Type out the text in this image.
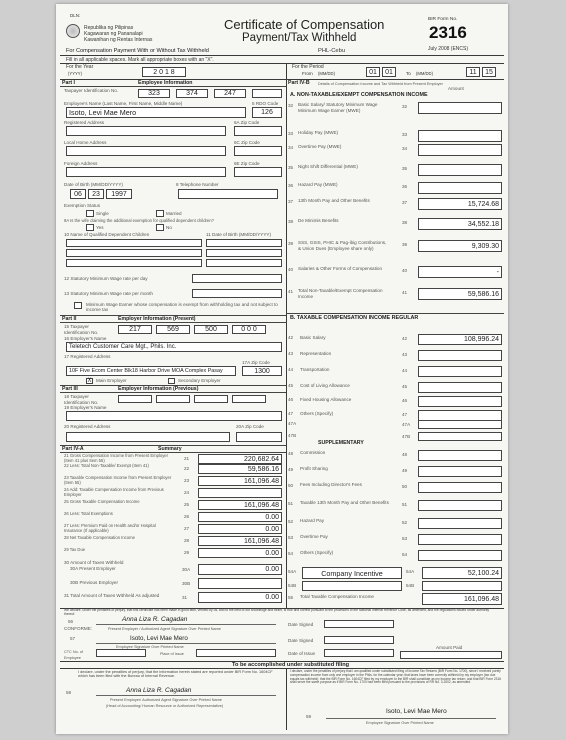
DLN:
Republika ng Pilipinas
Kagawaran ng Pananalapi
Kawanihan ng Rentas Internas
Certificate of Compensation
Payment/Tax Withheld
BIR Form No.
2316
July 2008 (ENCS)
For Compensation Payment With or Without Tax Withheld	PHL-Cebu
Fill in all applicable spaces. Mark all appropriate boxes with an "X".
For the Year
(YYYY)	2 0 1 8
For the Period
From (MM/DD)	01	01	To (MM/DD)	11	15
Part I	Employee Information
Taxpayer Identification No.	323	374	247
Employee's Name (Last Name, First Name, Middle Name)	5 RDO Code
Isoto, Levi Mae Mero	126
Registered Address	6A Zip Code
Local Home Address	6C Zip Code
Foreign Address	6E Zip Code
Date of Birth (MM/DD/YYYY)	8 Telephone Number
06	23	1997
Exemption Status
Single	Married
9A Is the wife claiming the additional exemption for qualified dependent children?
Yes	No
10 Name of Qualified Dependent Children	11 Date of Birth (MM/DD/YYYY)
12 Statutory Minimum Wage rate per day
13 Statutory Minimum Wage rate per month
Minimum Wage Earner whose compensation is exempt from withholding tax and not subject to income tax
Part II	Employer Information (Present)
15 Taxpayer Identification No.	217	569	500	0 0 0
16 Employer's Name
Teletech Customer Care Mgt., Phils. Inc.
17 Registered Address
17A Zip Code
10F Five Ecom Center Blk18 Harbor Drive MOA Complex Pasay	1300
X Main Employer	Secondary Employer
Part III	Employer Information (Previous)
18 Taxpayer Identification No.
19 Employer's Name
20 Registered Address	20A Zip Code
Part IV-A	Summary
21 Gross Compensation Income from Present Employer (Item 41 plus Item 55)	21	220,682.64
22 Less: Total Non-Taxable/ Exempt (Item 41)
22	59,586.16
23 Taxable Compensation Income from Present Employer (Item 55)	23	161,096.48
24 Add: Taxable Compensation Income from Previous Employer	24
25 Gross Taxable Compensation Income
25	161,096.48
26 Less: Total Exemptions
26	0.00
27 Less: Premium Paid on Health and/or Hospital Insurance (If applicable)	27	0.00
28 Net Taxable Compensation Income
28	161,096.48
29 Tax Due
29	0.00
30 Amount of Taxes Withheld
30A Present Employer	30A	0.00
30B Previous Employer	30B
31 Total Amount of Taxes Withheld As adjusted	31	0.00
Part IV-B Details of Compensation Income and Tax Withheld from Present Employer
Amount
A. NON-TAXABLE/EXEMPT COMPENSATION INCOME
32 Basic Salary/ Statutory Minimum Wage Minimum Wage Earner (MWE)
32
33 Holiday Pay (MWE)	33
34 Overtime Pay (MWE)	34
35 Night Shift Differential (MWE)	35
36 Hazard Pay (MWE)	36
37 13th Month Pay and Other Benefits	37	15,724.68
38 De Minimis Benefits	38	34,552.18
39 SSS, GSIS, PHIC & Pag-ibig Contributions, & Union Dues (Employee share only)
39	9,309.30
40 Salaries & Other Forms of Compensation	40	-
41 Total Non-Taxable/Exempt Compensation Income
41	59,586.16
B. TAXABLE COMPENSATION INCOME REGULAR
42 Basic Salary	42	108,996.24
43 Representation	43
44 Transportation	44
45 Cost of Living Allowance	45
46 Fixed Housing Allowance	46
47 Others (Specify)	47
47A	47A
47B	47B
SUPPLEMENTARY
48 Commission	48
49 Profit Sharing	49
50 Fees Including Director's Fees	50
51 Taxable 13th Month Pay and Other Benefits	51
52 Hazard Pay	52
53 Overtime Pay	53
54 Others (Specify)	54
54A	Company Incentive	54A	52,100.24
54B	54B
55 Total Taxable Compensation Income	161,096.48
We declare, under the penalties of perjury, that this certificate has been made in good faith, verified by us, and to the best of our knowledge and belief, is true and correct pursuant to the provisions of the National Internal Revenue Code, as amended, and the regulations issued under authority thereof.
56	Anna Liza R. Cagadan
CONFORME:	Present Employer / Authorized Agent Signature Over Printed Name
Date Signed
57	Isoto, Levi Mae Mero
Employee Signature Over Printed Name
Date Signed
CTC No. of Employee
Place of Issue	Date of Issue
Amount Paid
To be accomplished under substituted filing
I declare, under the penalties of perjury, that the information herein stated are reported under BIR Form No. 1604CF which has been filed with the Bureau of Internal Revenue.
I declare, under the penalties of perjury that I am qualified under substituted filing of Income Tax Returns (BIR Form No. 1700), since I received purely compensation income from only one employer in the Phils. for the calendar year; that taxes have been correctly withheld by my employer (tax due equals tax withheld); that the BIR Form No. 1604CF filed by my employer to the BIR shall constitute as my income tax return; and that BIR Form 2316 shall serve the same purpose as if BIR Form No. 1700 had been filed pursuant to the provisions of RR No. 3-2002, as amended.
58	Anna Liza R. Cagadan
Present Employer/ Authorized Agent Signature Over Printed Name
(Head of Accounting/ Human Resource or Authorized Representative)
59
Isoto, Levi Mae Mero
Employee Signature Over Printed Name
